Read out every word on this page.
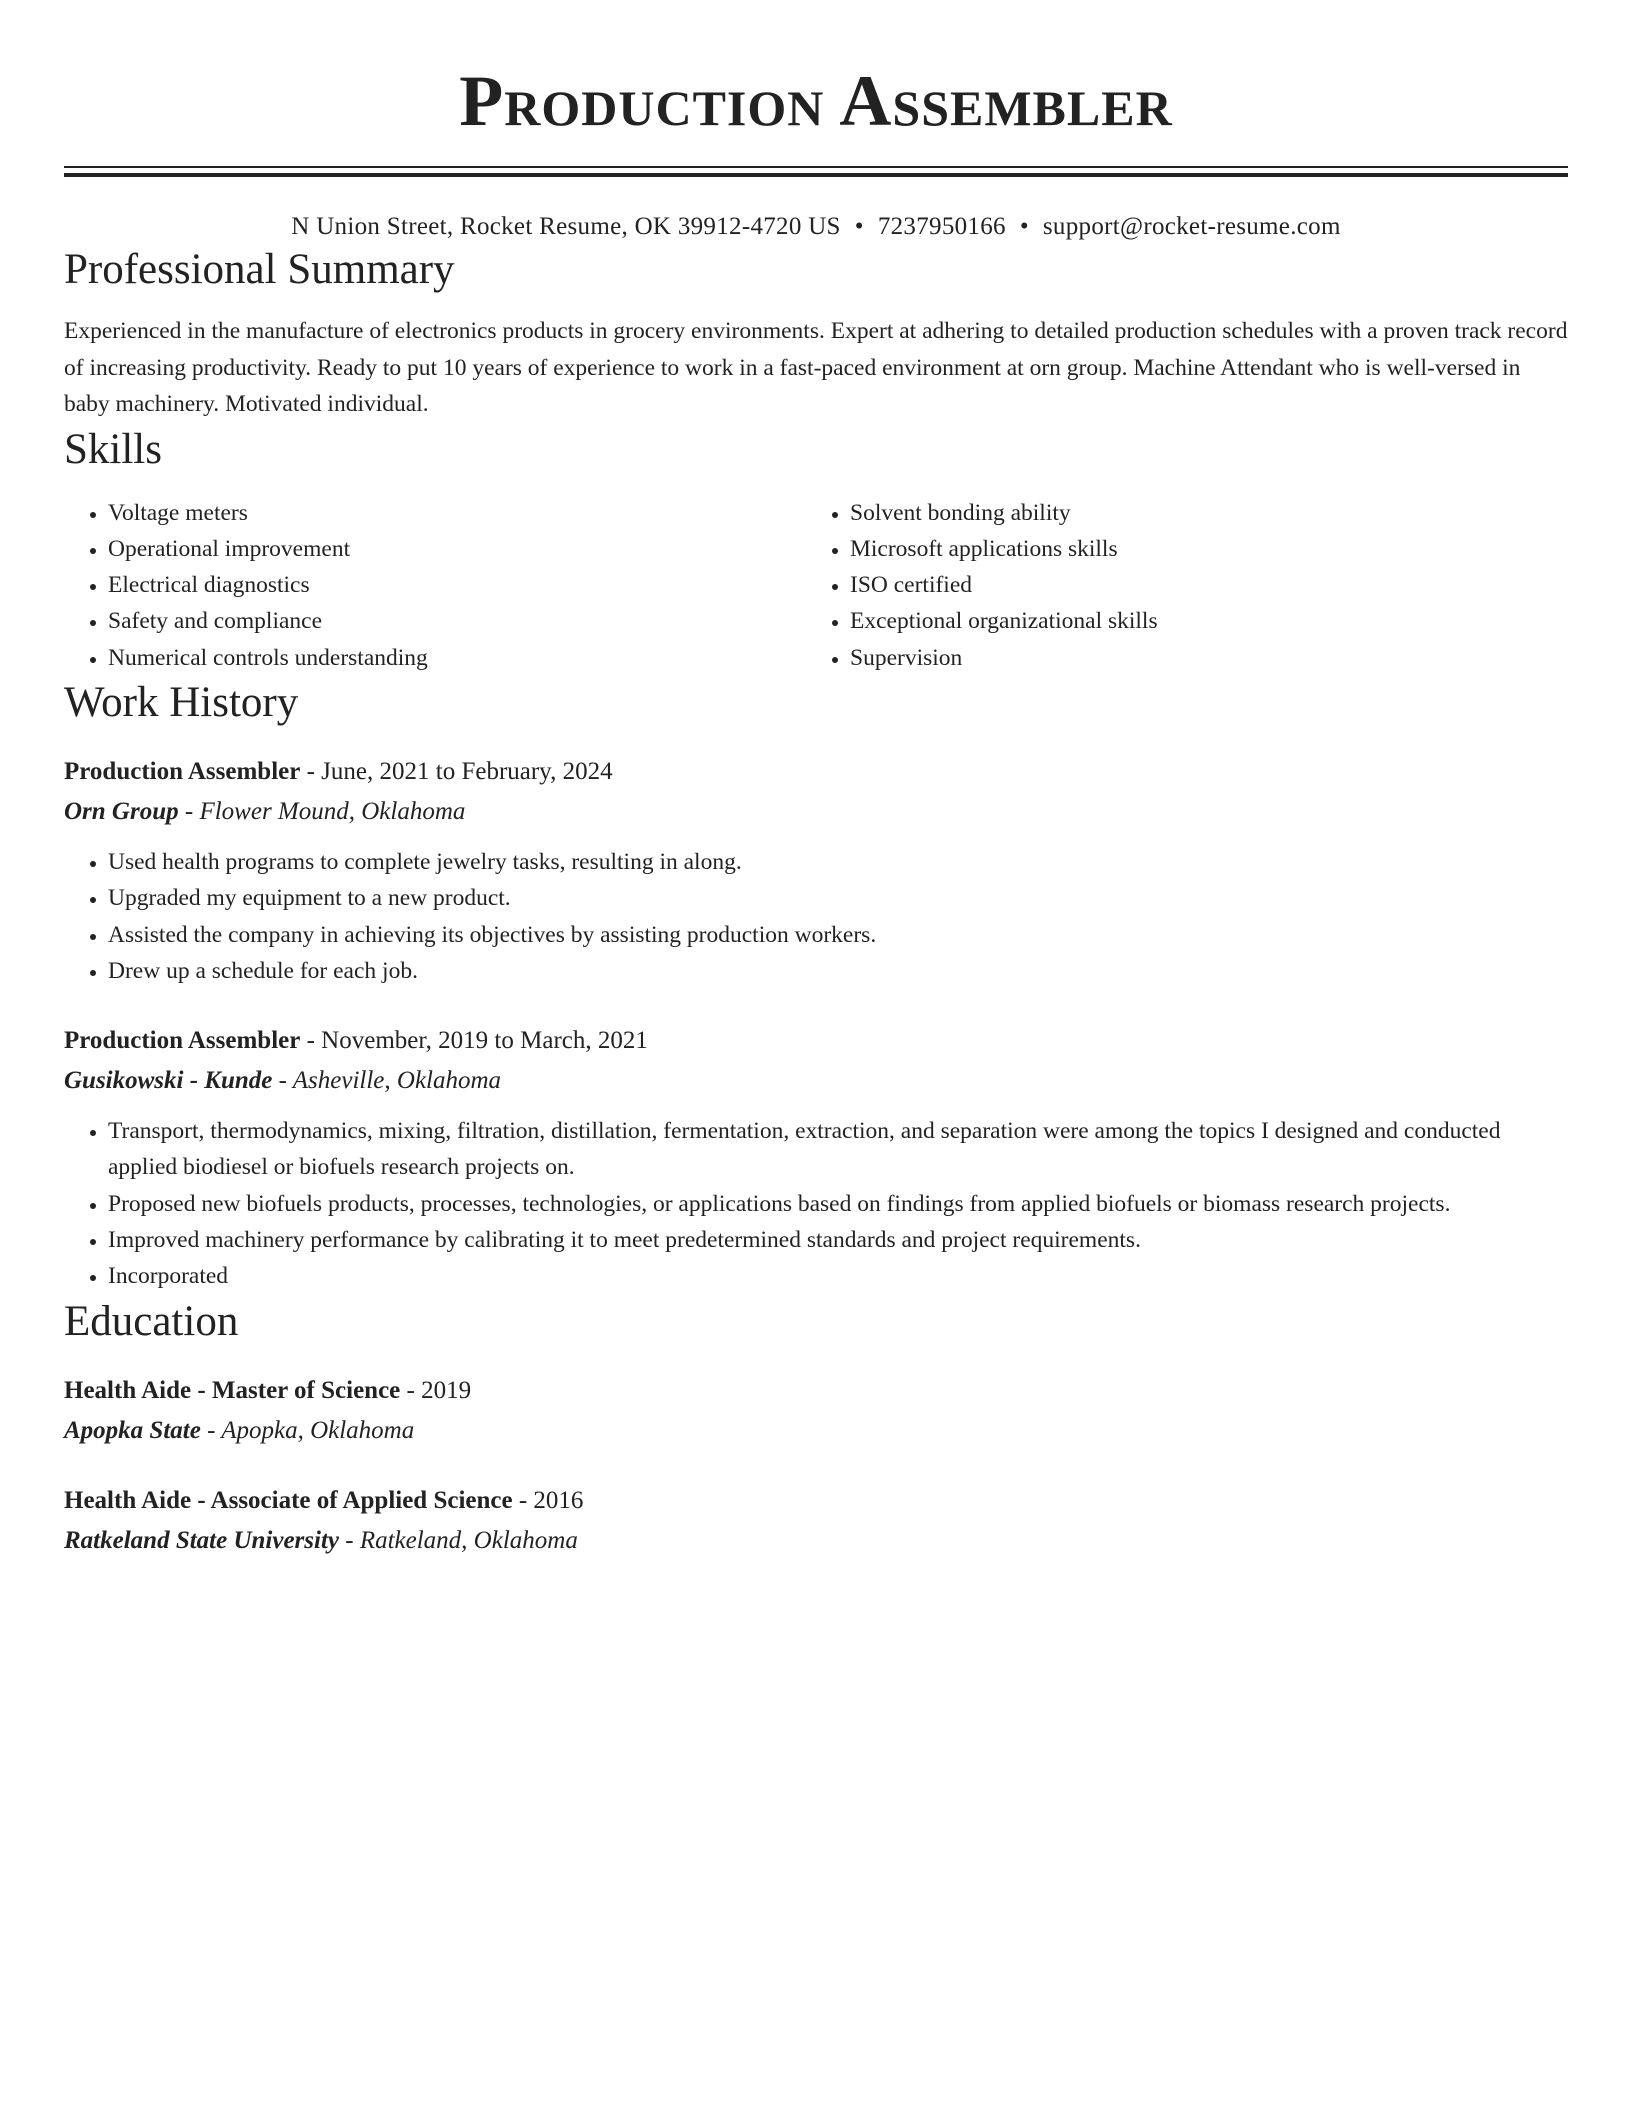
Production Assembler
N Union Street, Rocket Resume, OK 39912-4720 US • 7237950166 • support@rocket-resume.com
Professional Summary

Experienced in the manufacture of electronics products in grocery environments. Expert at adhering to detailed production schedules with a proven track record of increasing productivity. Ready to put 10 years of experience to work in a fast-paced environment at orn group. Machine Attendant who is well-versed in baby machinery. Motivated individual.

Skills
• Voltage meters
• Operational improvement
• Electrical diagnostics
• Safety and compliance
• Numerical controls understanding
• Solvent bonding ability
• Microsoft applications skills
• ISO certified
• Exceptional organizational skills
• Supervision
Work History
Production Assembler - June, 2021 to February, 2024
Orn Group - Flower Mound, Oklahoma
• Used health programs to complete jewelry tasks, resulting in along.
• Upgraded my equipment to a new product.
• Assisted the company in achieving its objectives by assisting production workers.
• Drew up a schedule for each job.
Production Assembler - November, 2019 to March, 2021
Gusikowski - Kunde - Asheville, Oklahoma
• Transport, thermodynamics, mixing, filtration, distillation, fermentation, extraction, and separation were among the topics I designed and conducted applied biodiesel or biofuels research projects on.
• Proposed new biofuels products, processes, technologies, or applications based on findings from applied biofuels or biomass research projects.
• Improved machinery performance by calibrating it to meet predetermined standards and project requirements.
• Incorporated
Education
Health Aide - Master of Science - 2019
Apopka State - Apopka, Oklahoma
Health Aide - Associate of Applied Science - 2016
Ratkeland State University - Ratkeland, Oklahoma
